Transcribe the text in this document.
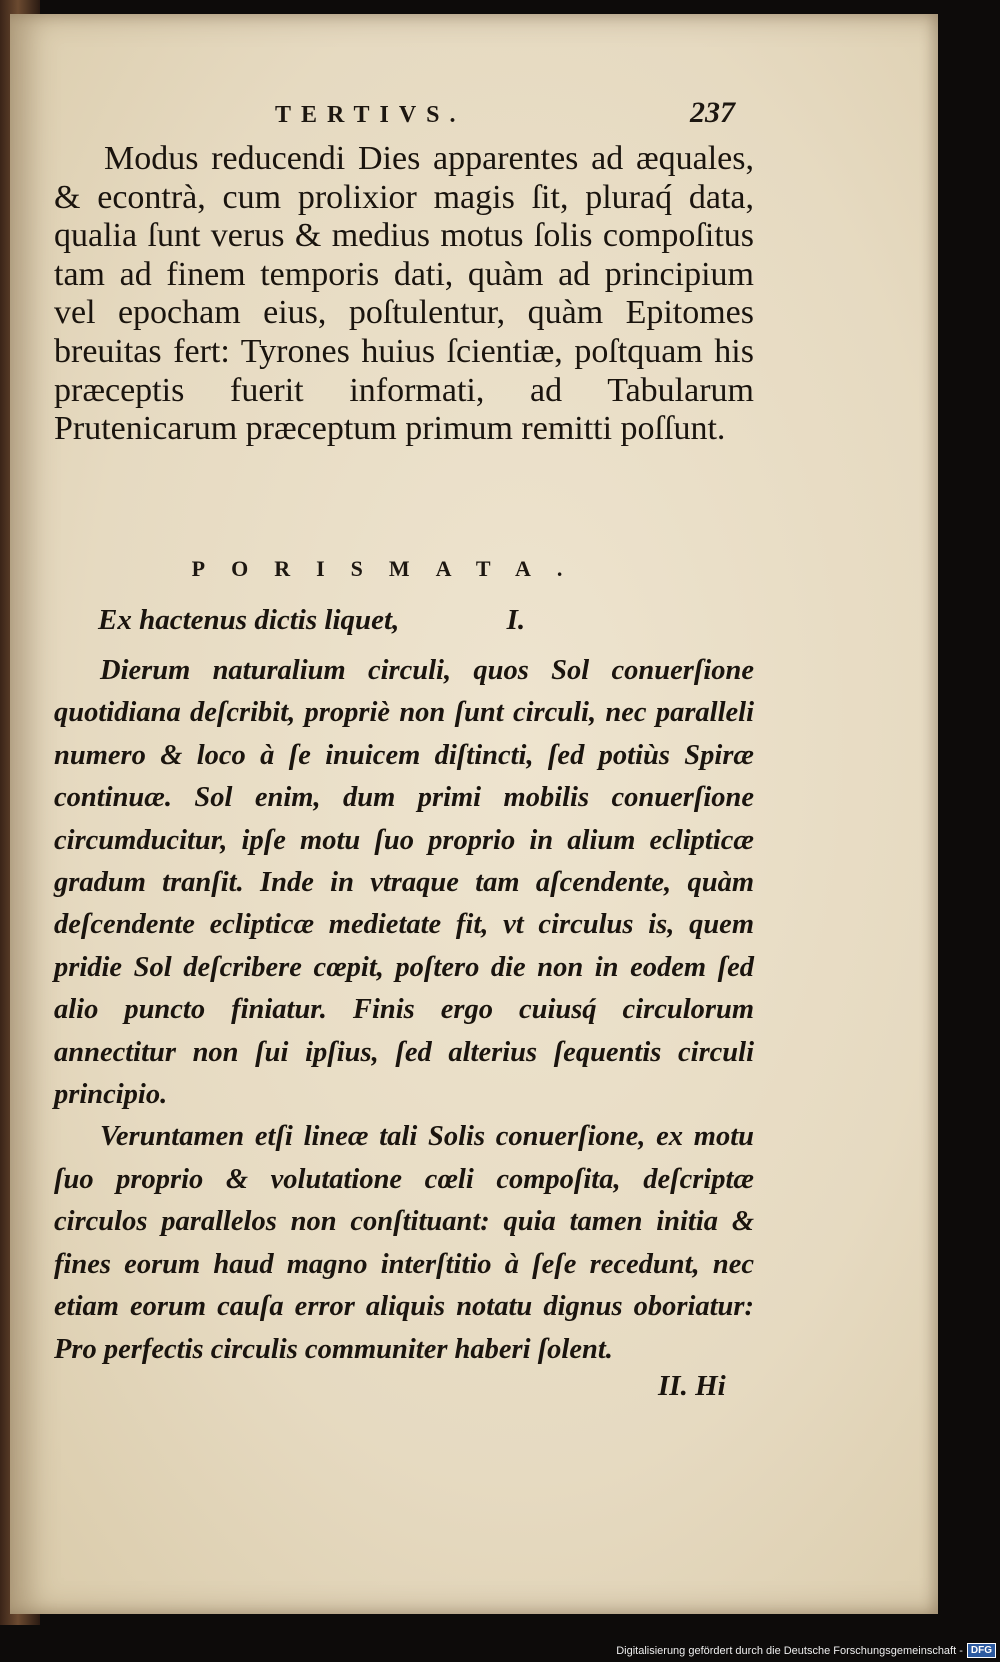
TERTIVS.	237

Modus reducendi Dies apparentes ad æquales, & econtrà, cum prolixior magis ſit, pluraq́ data, qualia ſunt verus & medius motus ſolis compoſitus tam ad finem temporis dati, quàm ad principium vel epocham eius, poſtulentur, quàm Epitomes breuitas fert: Tyrones huius ſcientiæ, poſtquam his præceptis fuerit informati, ad Tabularum Prutenicarum præceptum primum remitti poſſunt.

PORISMATA.
Ex hactenus dictis liquet,	I.

Dierum naturalium circuli, quos Sol conuerſione quotidiana deſcribit, propriè non ſunt circuli, nec paralleli numero & loco à ſe inuicem diſtincti, ſed potiùs Spiræ continuæ. Sol enim, dum primi mobilis conuerſione circumducitur, ipſe motu ſuo proprio in alium eclipticæ gradum tranſit. Inde in vtraque tam aſcendente, quàm deſcendente eclipticæ medietate fit, vt circulus is, quem pridie Sol deſcribere cœpit, poſtero die non in eodem ſed alio puncto finiatur. Finis ergo cuiusq́ circulorum annectitur non ſui ipſius, ſed alterius ſequentis circuli principio.

Veruntamen etſi lineæ tali Solis conuerſione, ex motu ſuo proprio & volutatione cœli compoſita, deſcriptæ circulos parallelos non conſtituant: quia tamen initia & fines eorum haud magno interſtitio à ſeſe recedunt, nec etiam eorum cauſa error aliquis notatu dignus oboriatur: Pro perfectis circulis communiter haberi ſolent.

II. Hi
Digitalisierung gefördert durch die Deutsche Forschungsgemeinschaft - DFG
